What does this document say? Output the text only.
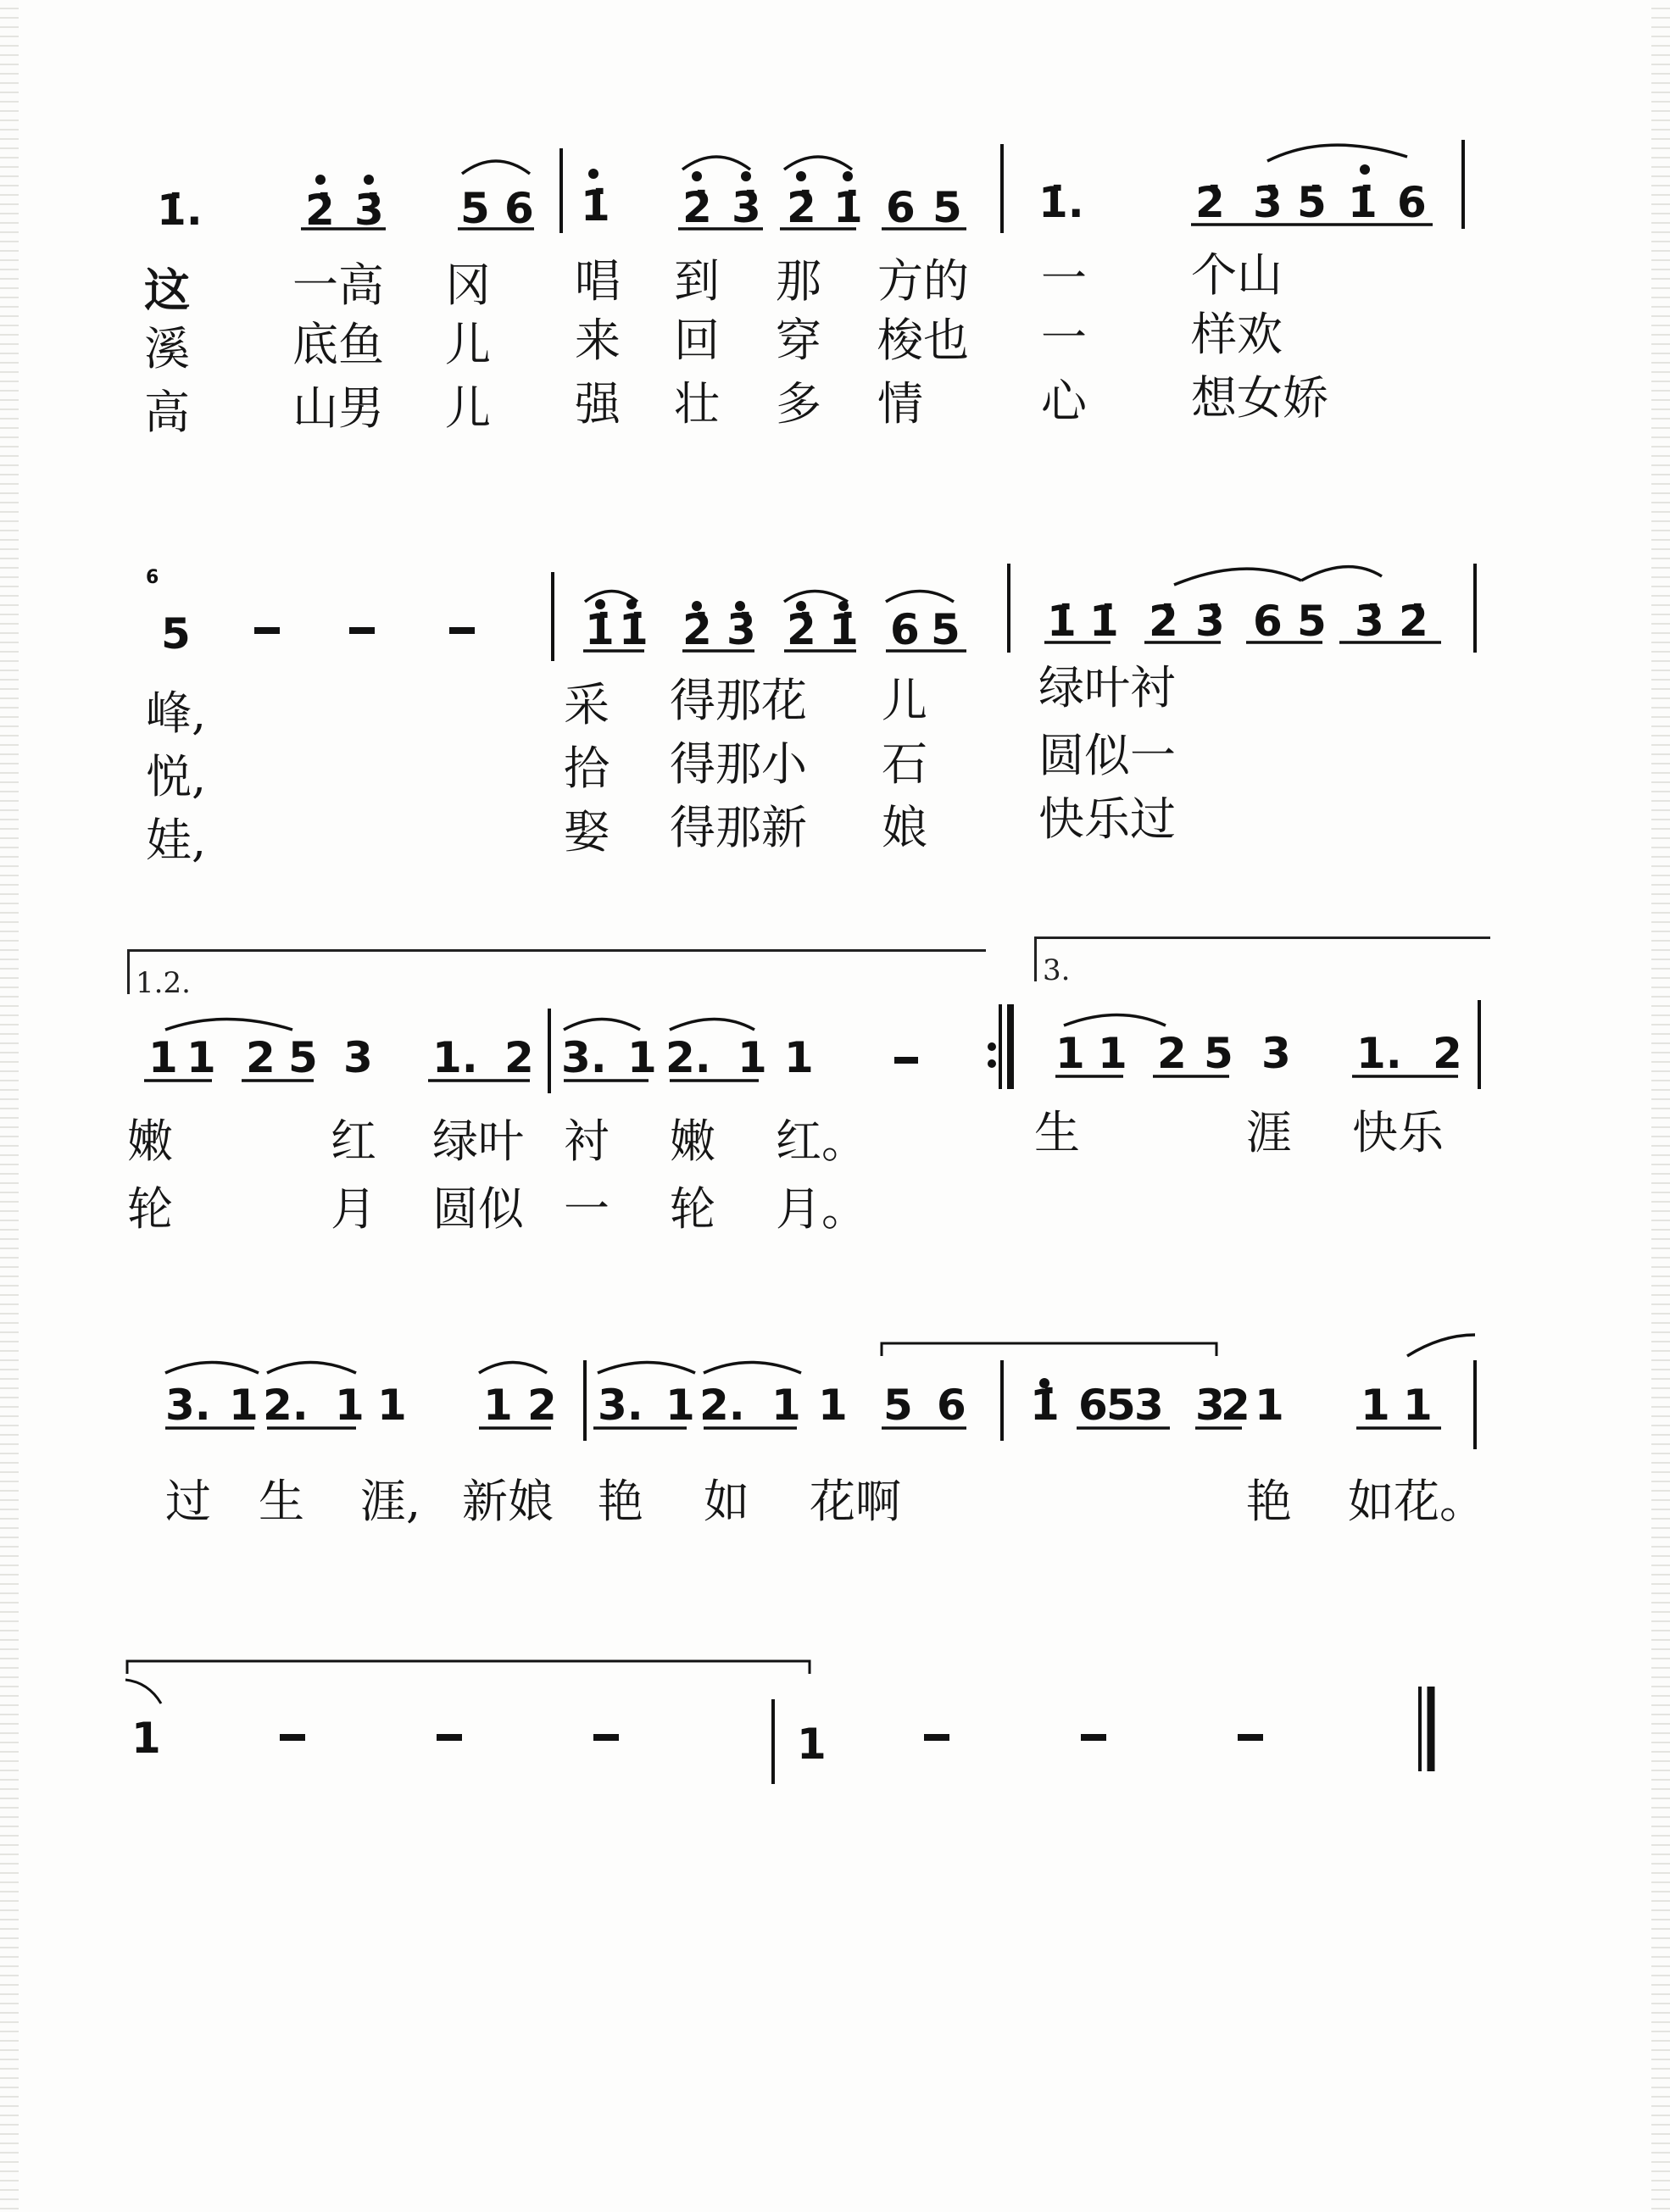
1̇. 2̇ 3̇ 5 6 1̇ 2̇ 3̇ 2̇ 1̇ 6 5 1̇.	2̇ 3̇ 5̇ 1̇ 6
这 一高 冈 唱 到 那 方的 一 个山
溪 底鱼 儿 来 回 穿 梭也 一 样欢
高 山男 儿 强 壮 多 情	心 想女娇
6
5	1̇ 1̇ 2̇ 3̇ 2̇ 1̇ 6 5 1̇ 1̇ 2̇ 3̇ 6 5 3̇ 2̇
峰,	采 得那花 儿 绿叶衬
悦,	拾 得那小 石 圆似一
娃,	娶 得那新 娘 快乐过
1.2.	3.
1 1 2 5 3 1. 2 3. 1 2. 1 1	1 1 2 5 3 1. 2
嫩	红 绿叶 衬 嫩 红。	生	涯 快乐
轮	月 圆似 一 轮 月。
3. 1 2. 1 1 1 2 3. 1 2. 1 1 5 6 1̇ 6
5
3 3
2 1 1 1
过 生 涯, 新娘 艳 如 花啊	艳 如花。
1	1
